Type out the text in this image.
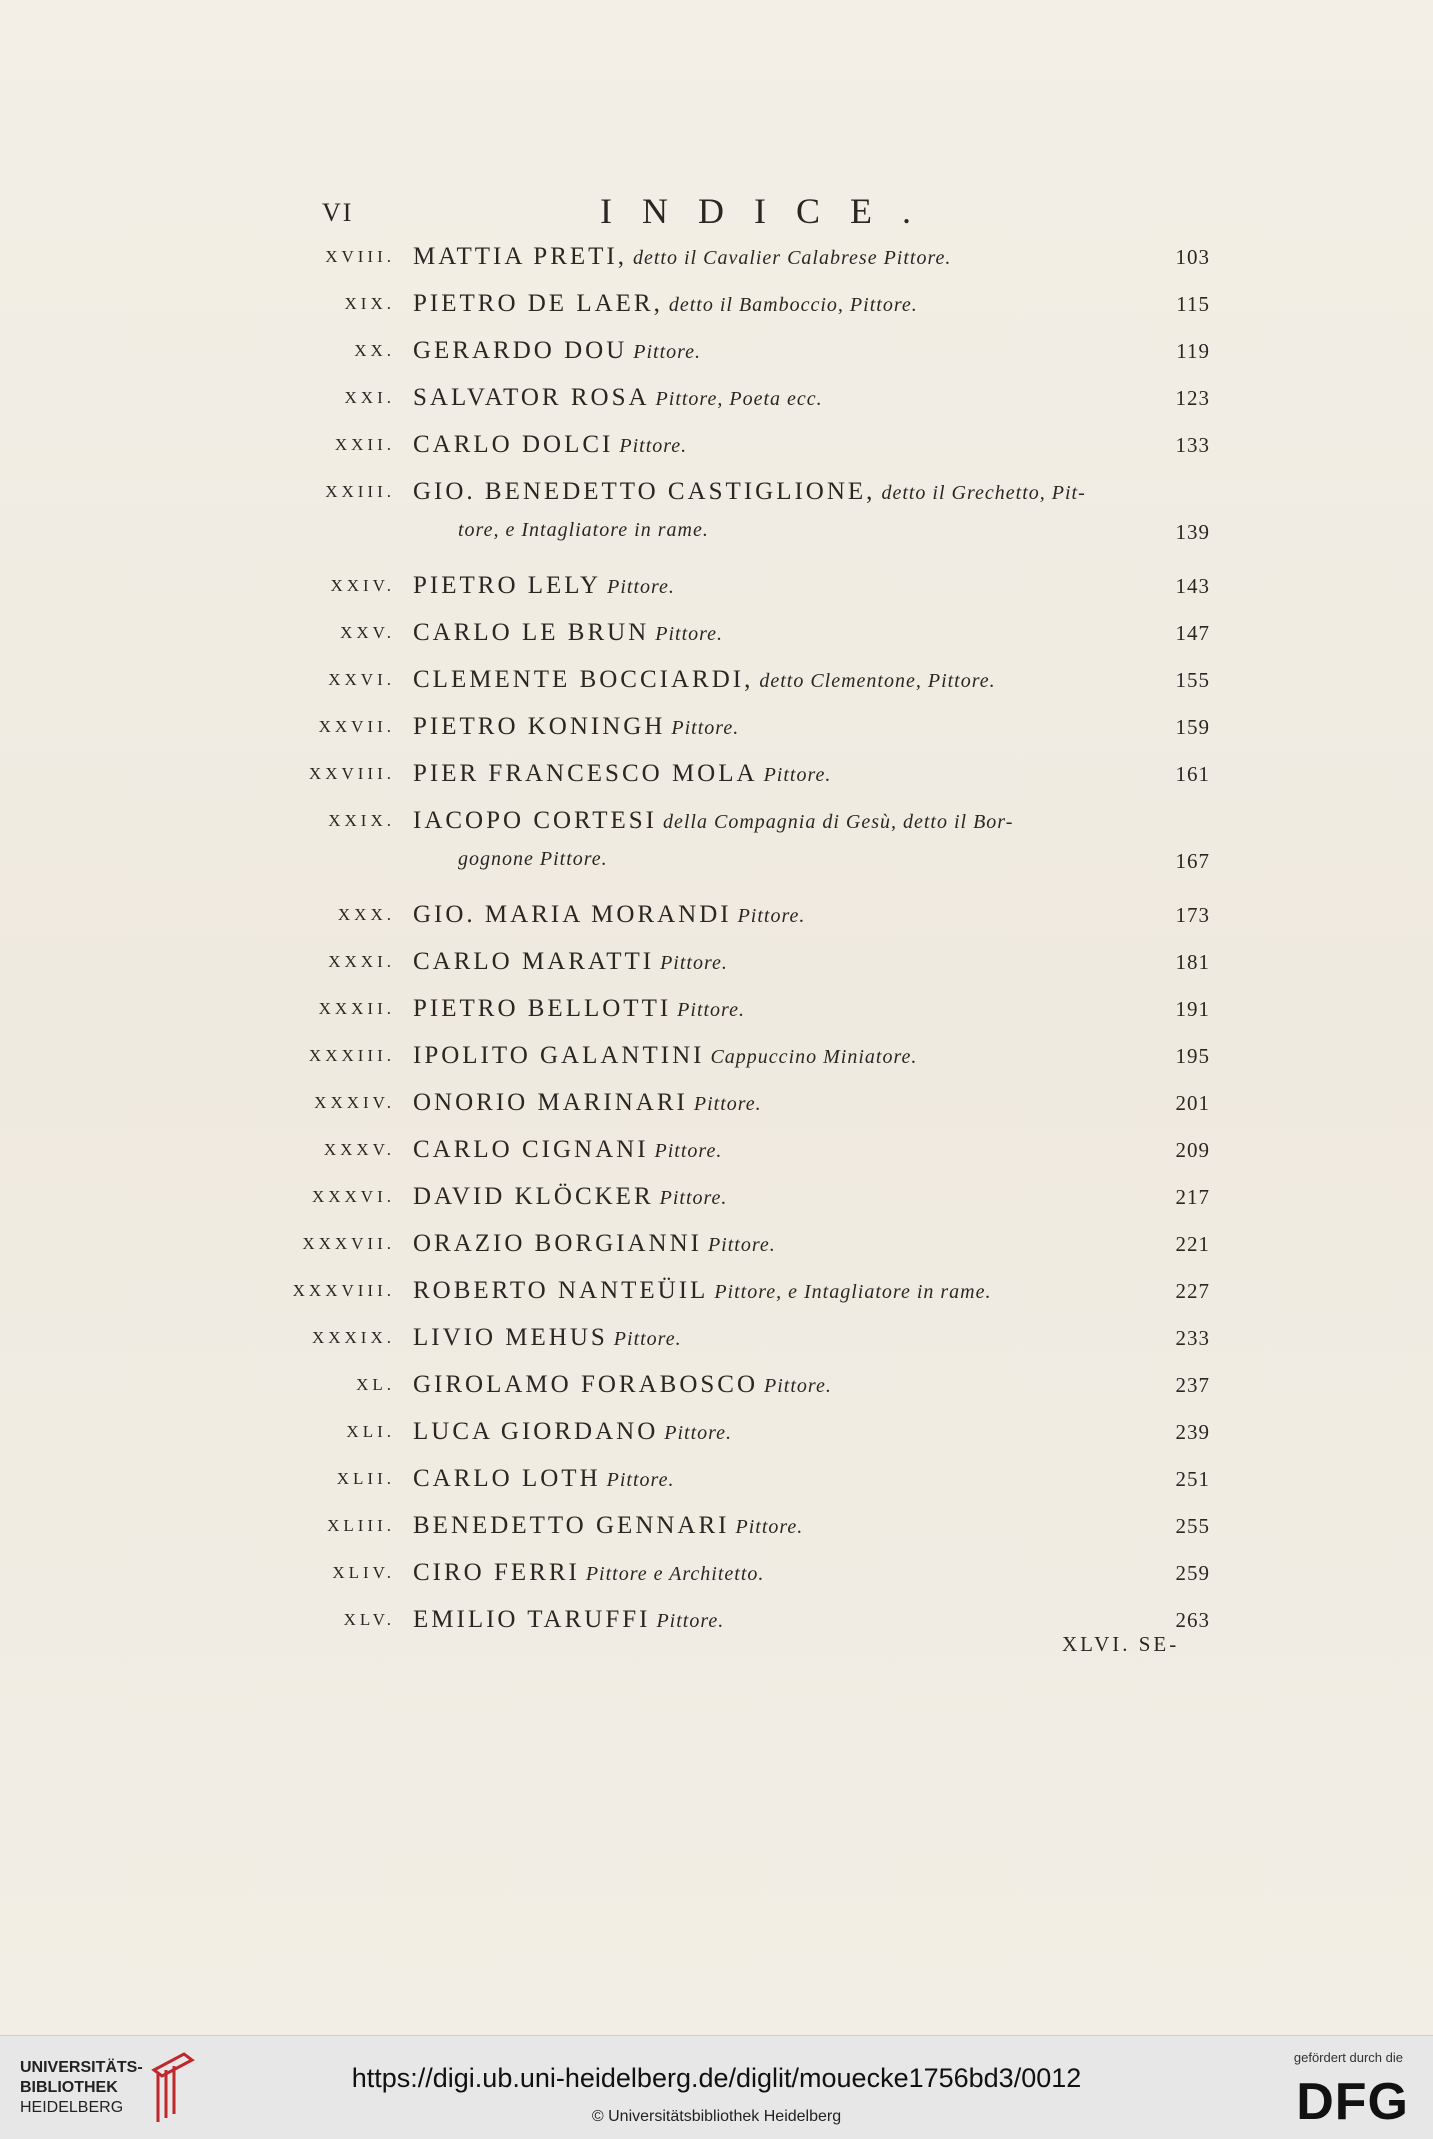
VI	INDICE.
XVIII. MATTIA PRETI, detto il Cavalier Calabrese Pittore.	103
XIX. PIETRO DE LAER, detto il Bamboccio, Pittore.	115
XX. GERARDO DOU Pittore.	119
XXI. SALVATOR ROSA Pittore, Poeta ecc.	123
XXII. CARLO DOLCI Pittore.	133
XXIII. GIO. BENEDETTO CASTIGLIONE, detto il Grechetto, Pit-
tore, e Intagliatore in rame.	139
XXIV. PIETRO LELY Pittore.	143
XXV. CARLO LE BRUN Pittore.	147
XXVI. CLEMENTE BOCCIARDI, detto Clementone, Pittore.	155
XXVII. PIETRO KONINGH Pittore.	159
XXVIII. PIER FRANCESCO MOLA Pittore.	161
XXIX. IACOPO CORTESI della Compagnia di Gesù, detto il Bor-
gognone Pittore.	167
XXX. GIO. MARIA MORANDI Pittore.	173
XXXI. CARLO MARATTI Pittore.	181
XXXII. PIETRO BELLOTTI Pittore.	191
XXXIII. IPOLITO GALANTINI Cappuccino Miniatore.	195
XXXIV. ONORIO MARINARI Pittore.	201
XXXV. CARLO CIGNANI Pittore.	209
XXXVI. DAVID KLÖCKER Pittore.	217
XXXVII. ORAZIO BORGIANNI Pittore.	221
XXXVIII. ROBERTO NANTEÜIL Pittore, e Intagliatore in rame.	227
XXXIX. LIVIO MEHUS Pittore.	233
XL. GIROLAMO FORABOSCO Pittore.	237
XLI. LUCA GIORDANO Pittore.	239
XLII. CARLO LOTH Pittore.	251
XLIII. BENEDETTO GENNARI Pittore.	255
XLIV. CIRO FERRI Pittore e Architetto.	259
XLV. EMILIO TARUFFI Pittore.	263
XLVI. SE-
UNIVERSITÄTS-
BIBLIOTHEK
HEIDELBERG
https://digi.ub.uni-heidelberg.de/diglit/mouecke1756bd3/0012
© Universitätsbibliothek Heidelberg
gefördert durch die
DFG
